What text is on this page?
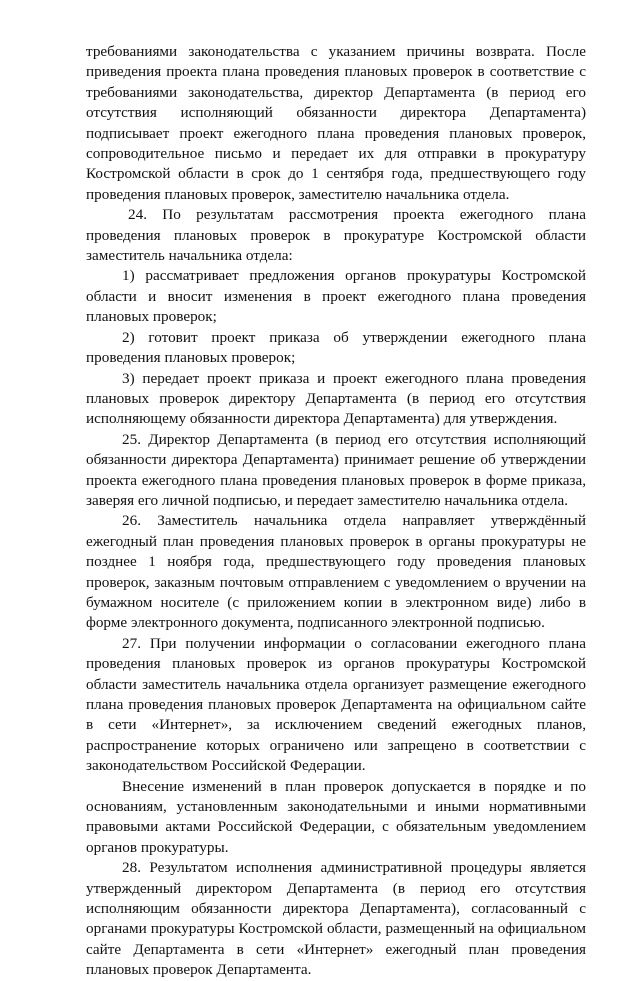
требованиями законодательства с указанием причины возврата. После приведения проекта плана проведения плановых проверок в соответствие с требованиями законодательства, директор Департамента (в период его отсутствия исполняющий обязанности директора Департамента) подписывает проект ежегодного плана проведения плановых проверок, сопроводительное письмо и передает их для отправки в прокуратуру Костромской области в срок до 1 сентября года, предшествующего году проведения плановых проверок, заместителю начальника отдела.

24. По результатам рассмотрения проекта ежегодного плана проведения плановых проверок в прокуратуре Костромской области заместитель начальника отдела:

1) рассматривает предложения органов прокуратуры Костромской области и вносит изменения в проект ежегодного плана проведения плановых проверок;

2) готовит проект приказа об утверждении ежегодного плана проведения плановых проверок;

3) передает проект приказа и проект ежегодного плана проведения плановых проверок директору Департамента (в период его отсутствия исполняющему обязанности директора Департамента) для утверждения.

25. Директор Департамента (в период его отсутствия исполняющий обязанности директора Департамента) принимает решение об утверждении проекта ежегодного плана проведения плановых проверок в форме приказа, заверяя его личной подписью, и передает заместителю начальника отдела.

26. Заместитель начальника отдела направляет утверждённый ежегодный план проведения плановых проверок в органы прокуратуры не позднее 1 ноября года, предшествующего году проведения плановых проверок, заказным почтовым отправлением с уведомлением о вручении на бумажном носителе (с приложением копии в электронном виде) либо в форме электронного документа, подписанного электронной подписью.

27. При получении информации о согласовании ежегодного плана проведения плановых проверок из органов прокуратуры Костромской области заместитель начальника отдела организует размещение ежегодного плана проведения плановых проверок Департамента на официальном сайте в сети «Интернет», за исключением сведений ежегодных планов, распространение которых ограничено или запрещено в соответствии с законодательством Российской Федерации.

Внесение изменений в план проверок допускается в порядке и по основаниям, установленным законодательными и иными нормативными правовыми актами Российской Федерации, с обязательным уведомлением органов прокуратуры.

28. Результатом исполнения административной процедуры является утвержденный директором Департамента (в период его отсутствия исполняющим обязанности директора Департамента), согласованный с органами прокуратуры Костромской области, размещенный на официальном сайте Департамента в сети «Интернет» ежегодный план проведения плановых проверок Департамента.
